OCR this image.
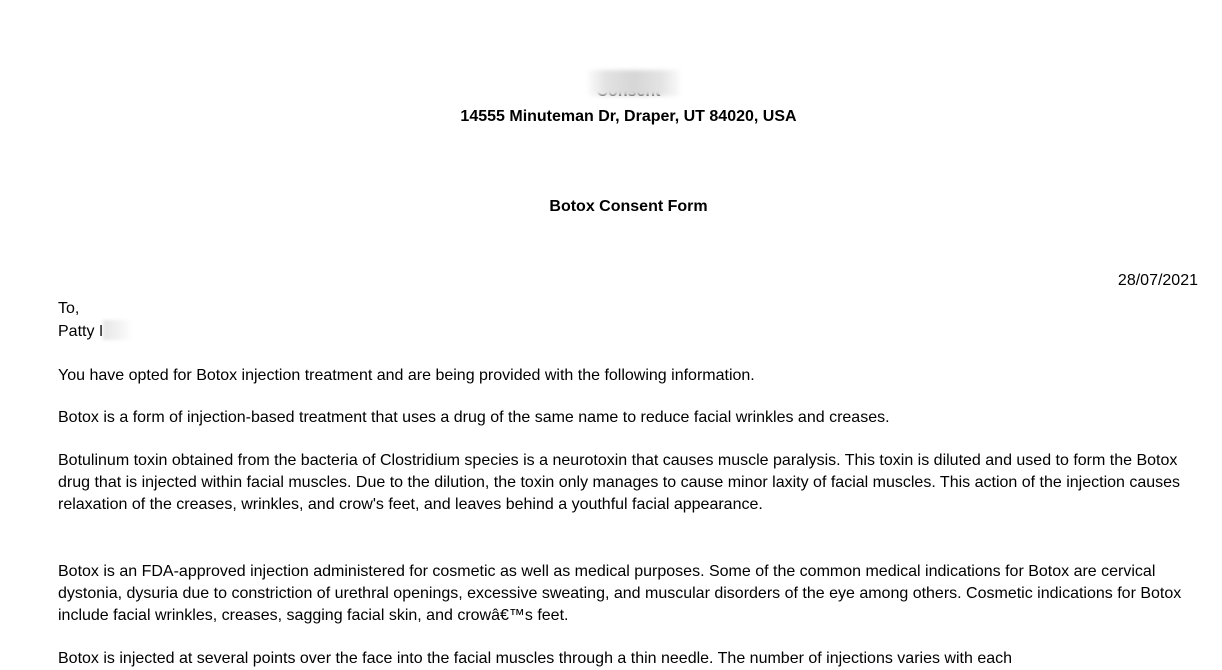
14555 Minuteman Dr, Draper, UT 84020, USA
Botox Consent Form
28/07/2021
To,
Patty I

You have opted for Botox injection treatment and are being provided with the following information.

Botox is a form of injection-based treatment that uses a drug of the same name to reduce facial wrinkles and creases.

Botulinum toxin obtained from the bacteria of Clostridium species is a neurotoxin that causes muscle paralysis. This toxin is diluted and used to form the Botox drug that is injected within facial muscles. Due to the dilution, the toxin only manages to cause minor laxity of facial muscles. This action of the injection causes relaxation of the creases, wrinkles, and crow's feet, and leaves behind a youthful facial appearance.

Botox is an FDA-approved injection administered for cosmetic as well as medical purposes. Some of the common medical indications for Botox are cervical dystonia, dysuria due to constriction of urethral openings, excessive sweating, and muscular disorders of the eye among others. Cosmetic indications for Botox include facial wrinkles, creases, sagging facial skin, and crowâ€™s feet.

Botox is injected at several points over the face into the facial muscles through a thin needle. The number of injections varies with each
